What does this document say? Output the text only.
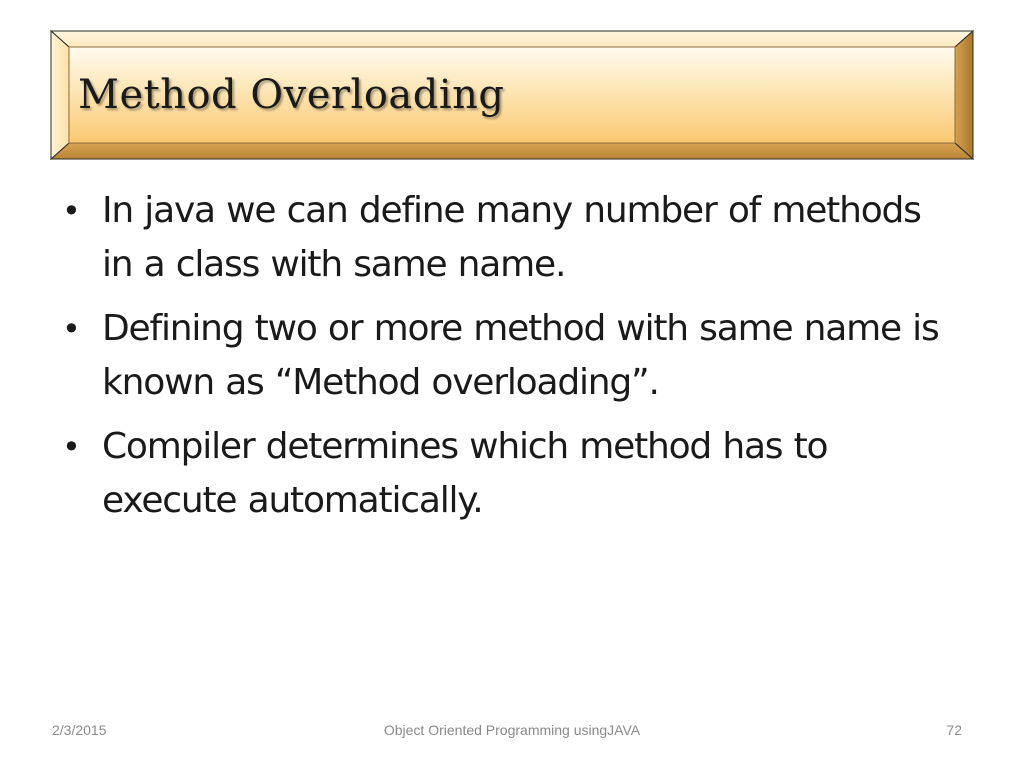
Method Overloading
• In java we can define many number of methods in a class with same name.
• Defining two or more method with same name is known as “Method overloading”.
• Compiler determines which method has to execute automatically.
2/3/2015	Object Oriented Programming usingJAVA	72
